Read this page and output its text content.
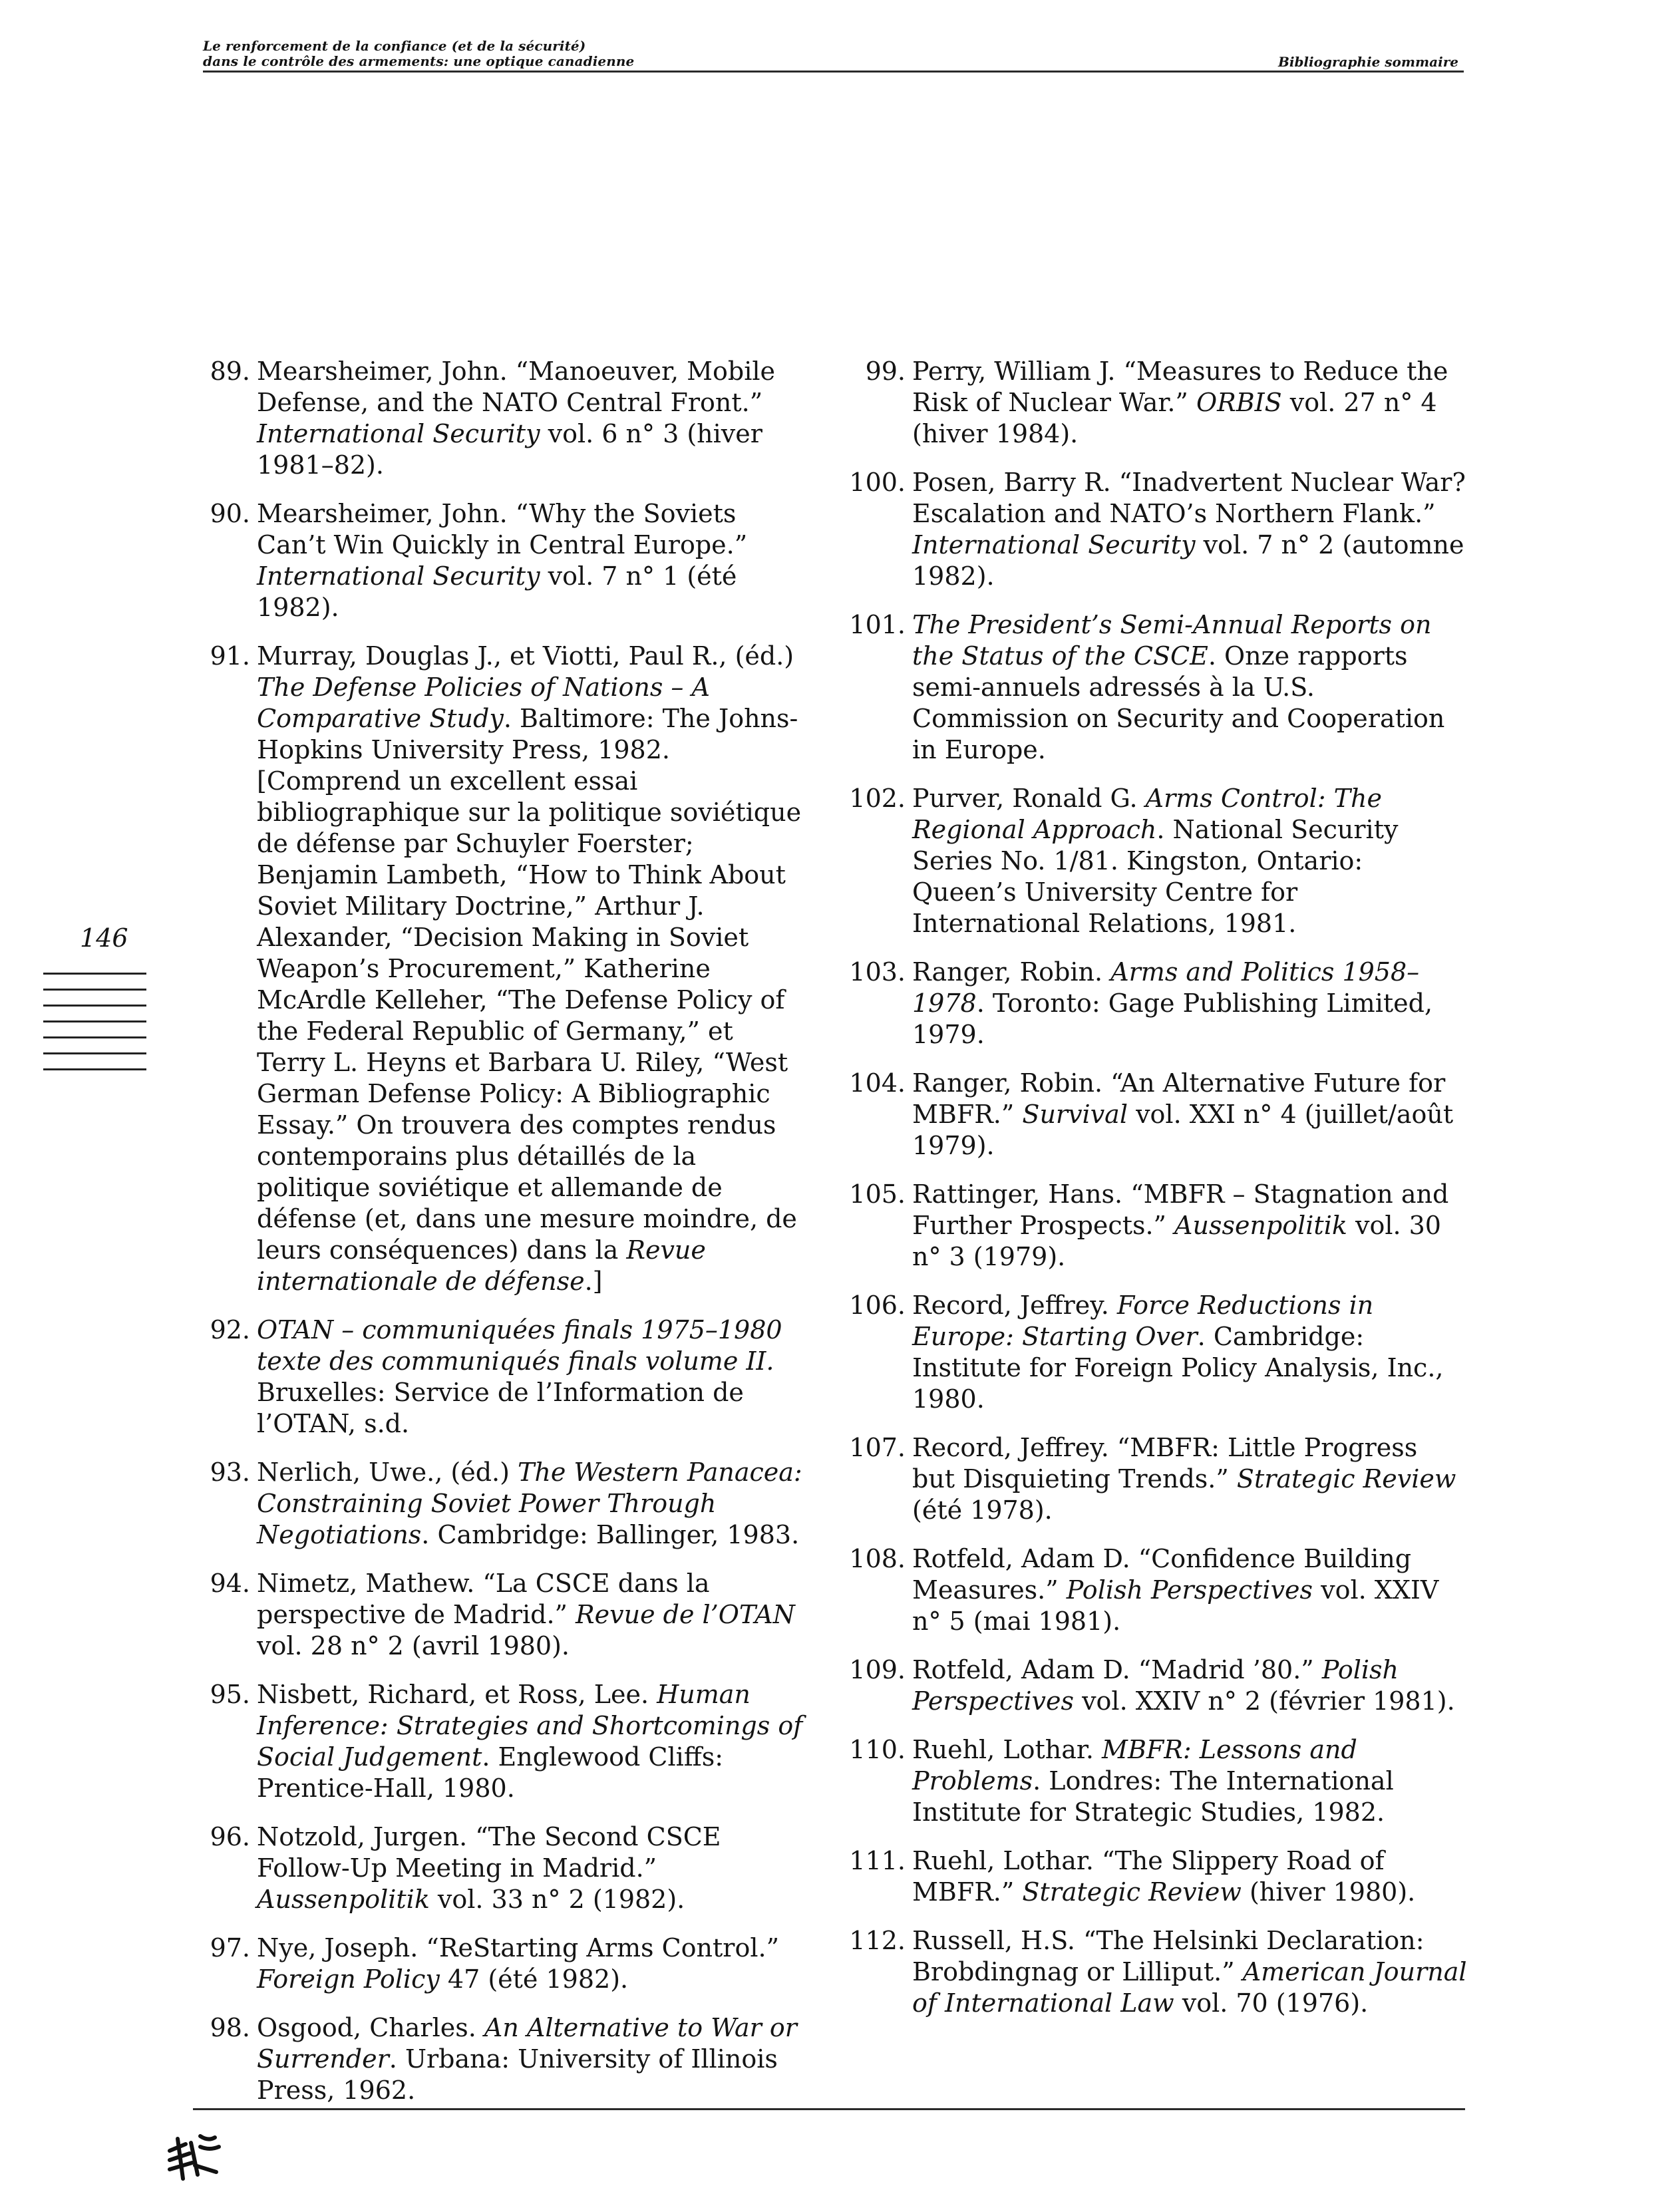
Le renforcement de la confiance (et de la sécurité)
dans le contrôle des armements: une optique canadienne	Bibliographie sommaire
89. Mearsheimer, John. “Manoeuver, Mobile Defense, and the NATO Central Front.” International Security vol. 6 n° 3 (hiver 1981–82).
90. Mearsheimer, John. “Why the Soviets Can’t Win Quickly in Central Europe.” International Security vol. 7 n° 1 (été 1982).
91. Murray, Douglas J., et Viotti, Paul R., (éd.) The Defense Policies of Nations – A Comparative Study. Baltimore: The Johns-Hopkins University Press, 1982. [Comprend un excellent essai bibliographique sur la politique soviétique de défense par Schuyler Foerster; Benjamin Lambeth, “How to Think About Soviet Military Doctrine,” Arthur J. Alexander, “Decision Making in Soviet Weapon’s Procurement,” Katherine McArdle Kelleher, “The Defense Policy of the Federal Republic of Germany,” et Terry L. Heyns et Barbara U. Riley, “West German Defense Policy: A Bibliographic Essay.” On trouvera des comptes rendus contemporains plus détaillés de la politique soviétique et allemande de défense (et, dans une mesure moindre, de leurs conséquences) dans la Revue internationale de défense.]
92. OTAN – communiquées finals 1975–1980 texte des communiqués finals volume II. Bruxelles: Service de l’Information de l’OTAN, s.d.
93. Nerlich, Uwe., (éd.) The Western Panacea: Constraining Soviet Power Through Negotiations. Cambridge: Ballinger, 1983.
94. Nimetz, Mathew. “La CSCE dans la perspective de Madrid.” Revue de l’OTAN vol. 28 n° 2 (avril 1980).
95. Nisbett, Richard, et Ross, Lee. Human Inference: Strategies and Shortcomings of Social Judgement. Englewood Cliffs: Prentice-Hall, 1980.
96. Notzold, Jurgen. “The Second CSCE Follow-Up Meeting in Madrid.” Aussenpolitik vol. 33 n° 2 (1982).
97. Nye, Joseph. “ReStarting Arms Control.” Foreign Policy 47 (été 1982).
98. Osgood, Charles. An Alternative to War or Surrender. Urbana: University of Illinois Press, 1962.
99. Perry, William J. “Measures to Reduce the Risk of Nuclear War.” ORBIS vol. 27 n° 4 (hiver 1984).
100. Posen, Barry R. “Inadvertent Nuclear War? Escalation and NATO’s Northern Flank.” International Security vol. 7 n° 2 (automne 1982).
101. The President’s Semi-Annual Reports on the Status of the CSCE. Onze rapports semi-annuels adressés à la U.S. Commission on Security and Cooperation in Europe.
102. Purver, Ronald G. Arms Control: The Regional Approach. National Security Series No. 1/81. Kingston, Ontario: Queen’s University Centre for International Relations, 1981.
103. Ranger, Robin. Arms and Politics 1958–1978. Toronto: Gage Publishing Limited, 1979.
104. Ranger, Robin. “An Alternative Future for MBFR.” Survival vol. XXI n° 4 (juillet/août 1979).
105. Rattinger, Hans. “MBFR – Stagnation and Further Prospects.” Aussenpolitik vol. 30 n° 3 (1979).
106. Record, Jeffrey. Force Reductions in Europe: Starting Over. Cambridge: Institute for Foreign Policy Analysis, Inc., 1980.
107. Record, Jeffrey. “MBFR: Little Progress but Disquieting Trends.” Strategic Review (été 1978).
108. Rotfeld, Adam D. “Confidence Building Measures.” Polish Perspectives vol. XXIV n° 5 (mai 1981).
109. Rotfeld, Adam D. “Madrid ’80.” Polish Perspectives vol. XXIV n° 2 (février 1981).
110. Ruehl, Lothar. MBFR: Lessons and Problems. Londres: The International Institute for Strategic Studies, 1982.
111. Ruehl, Lothar. “The Slippery Road of MBFR.” Strategic Review (hiver 1980).
112. Russell, H.S. “The Helsinki Declaration: Brobdingnag or Lilliput.” American Journal of International Law vol. 70 (1976).
146
